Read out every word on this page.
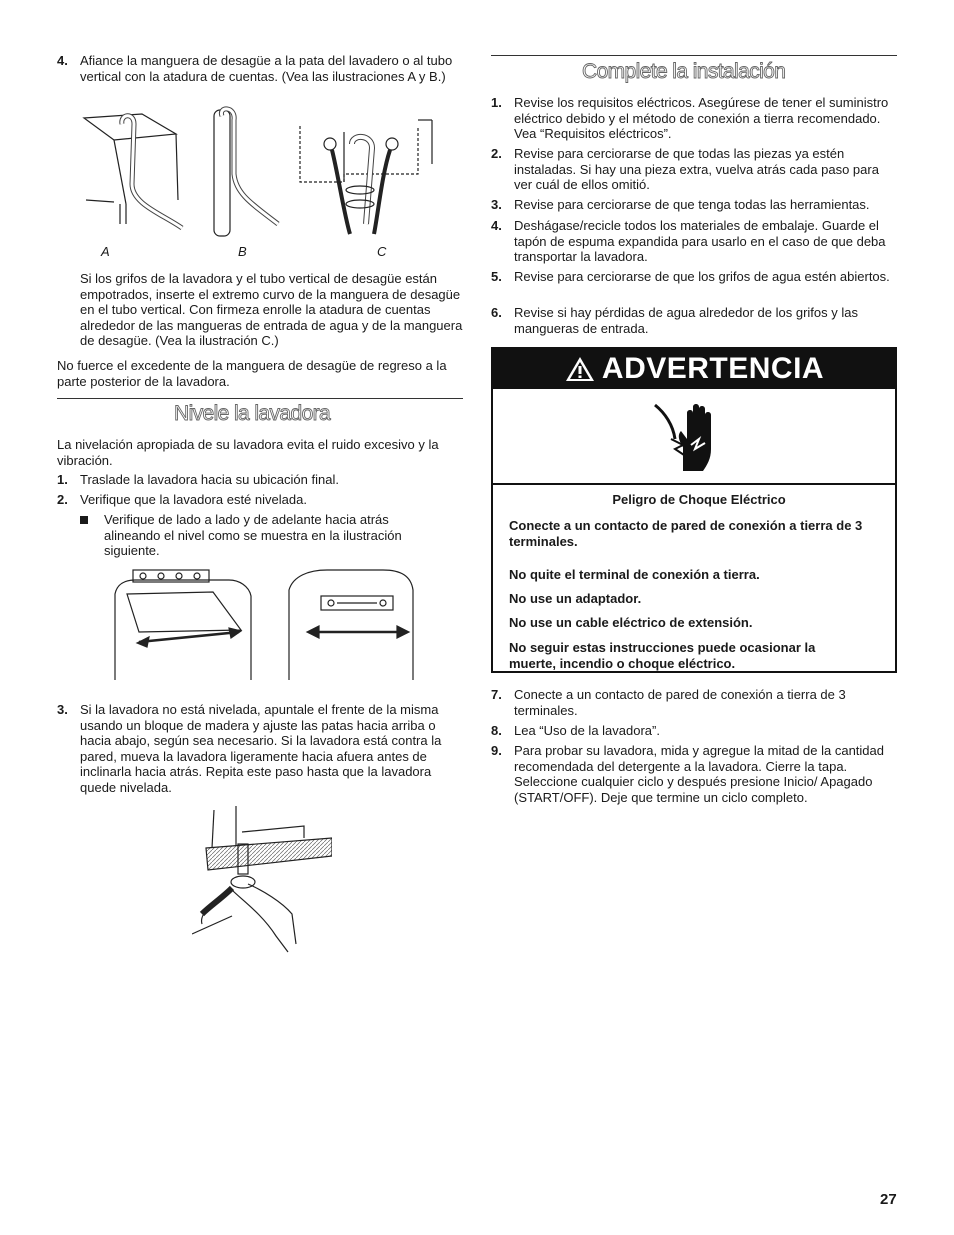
4. Afiance la manguera de desagüe a la pata del lavadero o al tubo vertical con la atadura de cuentas. (Vea las ilustraciones A y B.)
A	B	C

Si los grifos de la lavadora y el tubo vertical de desagüe están empotrados, inserte el extremo curvo de la manguera de desagüe en el tubo vertical. Con firmeza enrolle la atadura de cuentas alrededor de las mangueras de entrada de agua y de la manguera de desagüe. (Vea la ilustración C.)

No fuerce el excedente de la manguera de desagüe de regreso a la parte posterior de la lavadora.

Nivele la lavadora

La nivelación apropiada de su lavadora evita el ruido excesivo y la vibración.

1. Traslade la lavadora hacia su ubicación final.
2. Verifique que la lavadora esté nivelada.
Verifique de lado a lado y de adelante hacia atrás alineando el nivel como se muestra en la ilustración siguiente.
3. Si la lavadora no está nivelada, apuntale el frente de la misma usando un bloque de madera y ajuste las patas hacia arriba o hacia abajo, según sea necesario. Si la lavadora está contra la pared, mueva la lavadora ligeramente hacia afuera antes de inclinarla hacia atrás. Repita este paso hasta que la lavadora quede nivelada.
Complete la instalación
1. Revise los requisitos eléctricos. Asegúrese de tener el suministro eléctrico debido y el método de conexión a tierra recomendado. Vea “Requisitos eléctricos”.
2. Revise para cerciorarse de que todas las piezas ya estén instaladas. Si hay una pieza extra, vuelva atrás cada paso para ver cuál de ellos omitió.
3. Revise para cerciorarse de que tenga todas las herramientas.
4. Deshágase/recicle todos los materiales de embalaje. Guarde el tapón de espuma expandida para usarlo en el caso de que deba transportar la lavadora.
5. Revise para cerciorarse de que los grifos de agua estén abiertos.
6. Revise si hay pérdidas de agua alrededor de los grifos y las mangueras de entrada.
ADVERTENCIA

Peligro de Choque Eléctrico

Conecte a un contacto de pared de conexión a tierra de 3 terminales.

No quite el terminal de conexión a tierra.

No use un adaptador.

No use un cable eléctrico de extensión.

No seguir estas instrucciones puede ocasionar la muerte, incendio o choque eléctrico.

7. Conecte a un contacto de pared de conexión a tierra de 3 terminales.
8. Lea “Uso de la lavadora”.
9. Para probar su lavadora, mida y agregue la mitad de la cantidad recomendada del detergente a la lavadora. Cierre la tapa. Seleccione cualquier ciclo y después presione Inicio/ Apagado (START/OFF). Deje que termine un ciclo completo.
27
